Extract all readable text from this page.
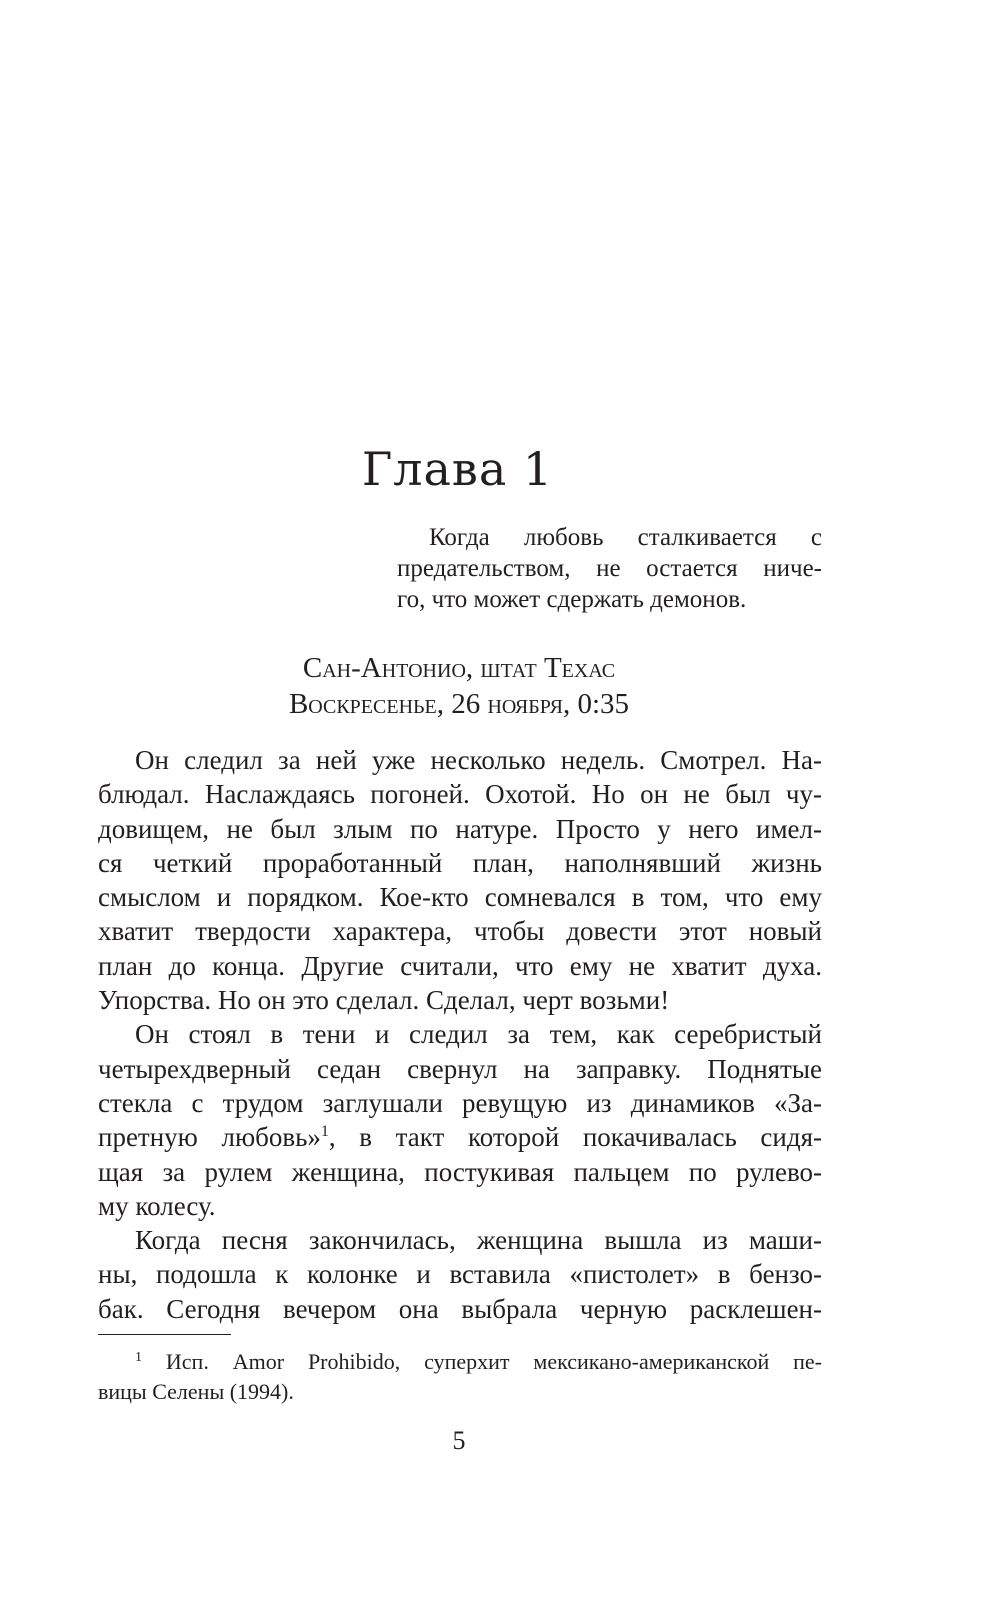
Глава 1
Когда любовь сталкивается с
предательством, не остается ниче-
го, что может сдержать демонов.
Сан-Антонио, штат Техас
Воскресенье, 26 ноября, 0:35
Он следил за ней уже несколько недель. Смотрел. На-
блюдал. Наслаждаясь погоней. Охотой. Но он не был чу-
довищем, не был злым по натуре. Просто у него имел-
ся четкий проработанный план, наполнявший жизнь
смыслом и порядком. Кое-кто сомневался в том, что ему
хватит твердости характера, чтобы довести этот новый
план до конца. Другие считали, что ему не хватит духа.
Упорства. Но он это сделал. Сделал, черт возьми!
Он стоял в тени и следил за тем, как серебристый
четырехдверный седан свернул на заправку. Поднятые
стекла с трудом заглушали ревущую из динамиков «За-
претную любовь»$^1$, в такт которой покачивалась сидя-
щая за рулем женщина, постукивая пальцем по рулево-
му колесу.
Когда песня закончилась, женщина вышла из маши-
ны, подошла к колонке и вставила «пистолет» в бензо-
бак. Сегодня вечером она выбрала черную расклешен-
$^1$ Исп. Amor Prohibido, суперхит мексикано-американской пе-
вицы Селены (1994).
5
